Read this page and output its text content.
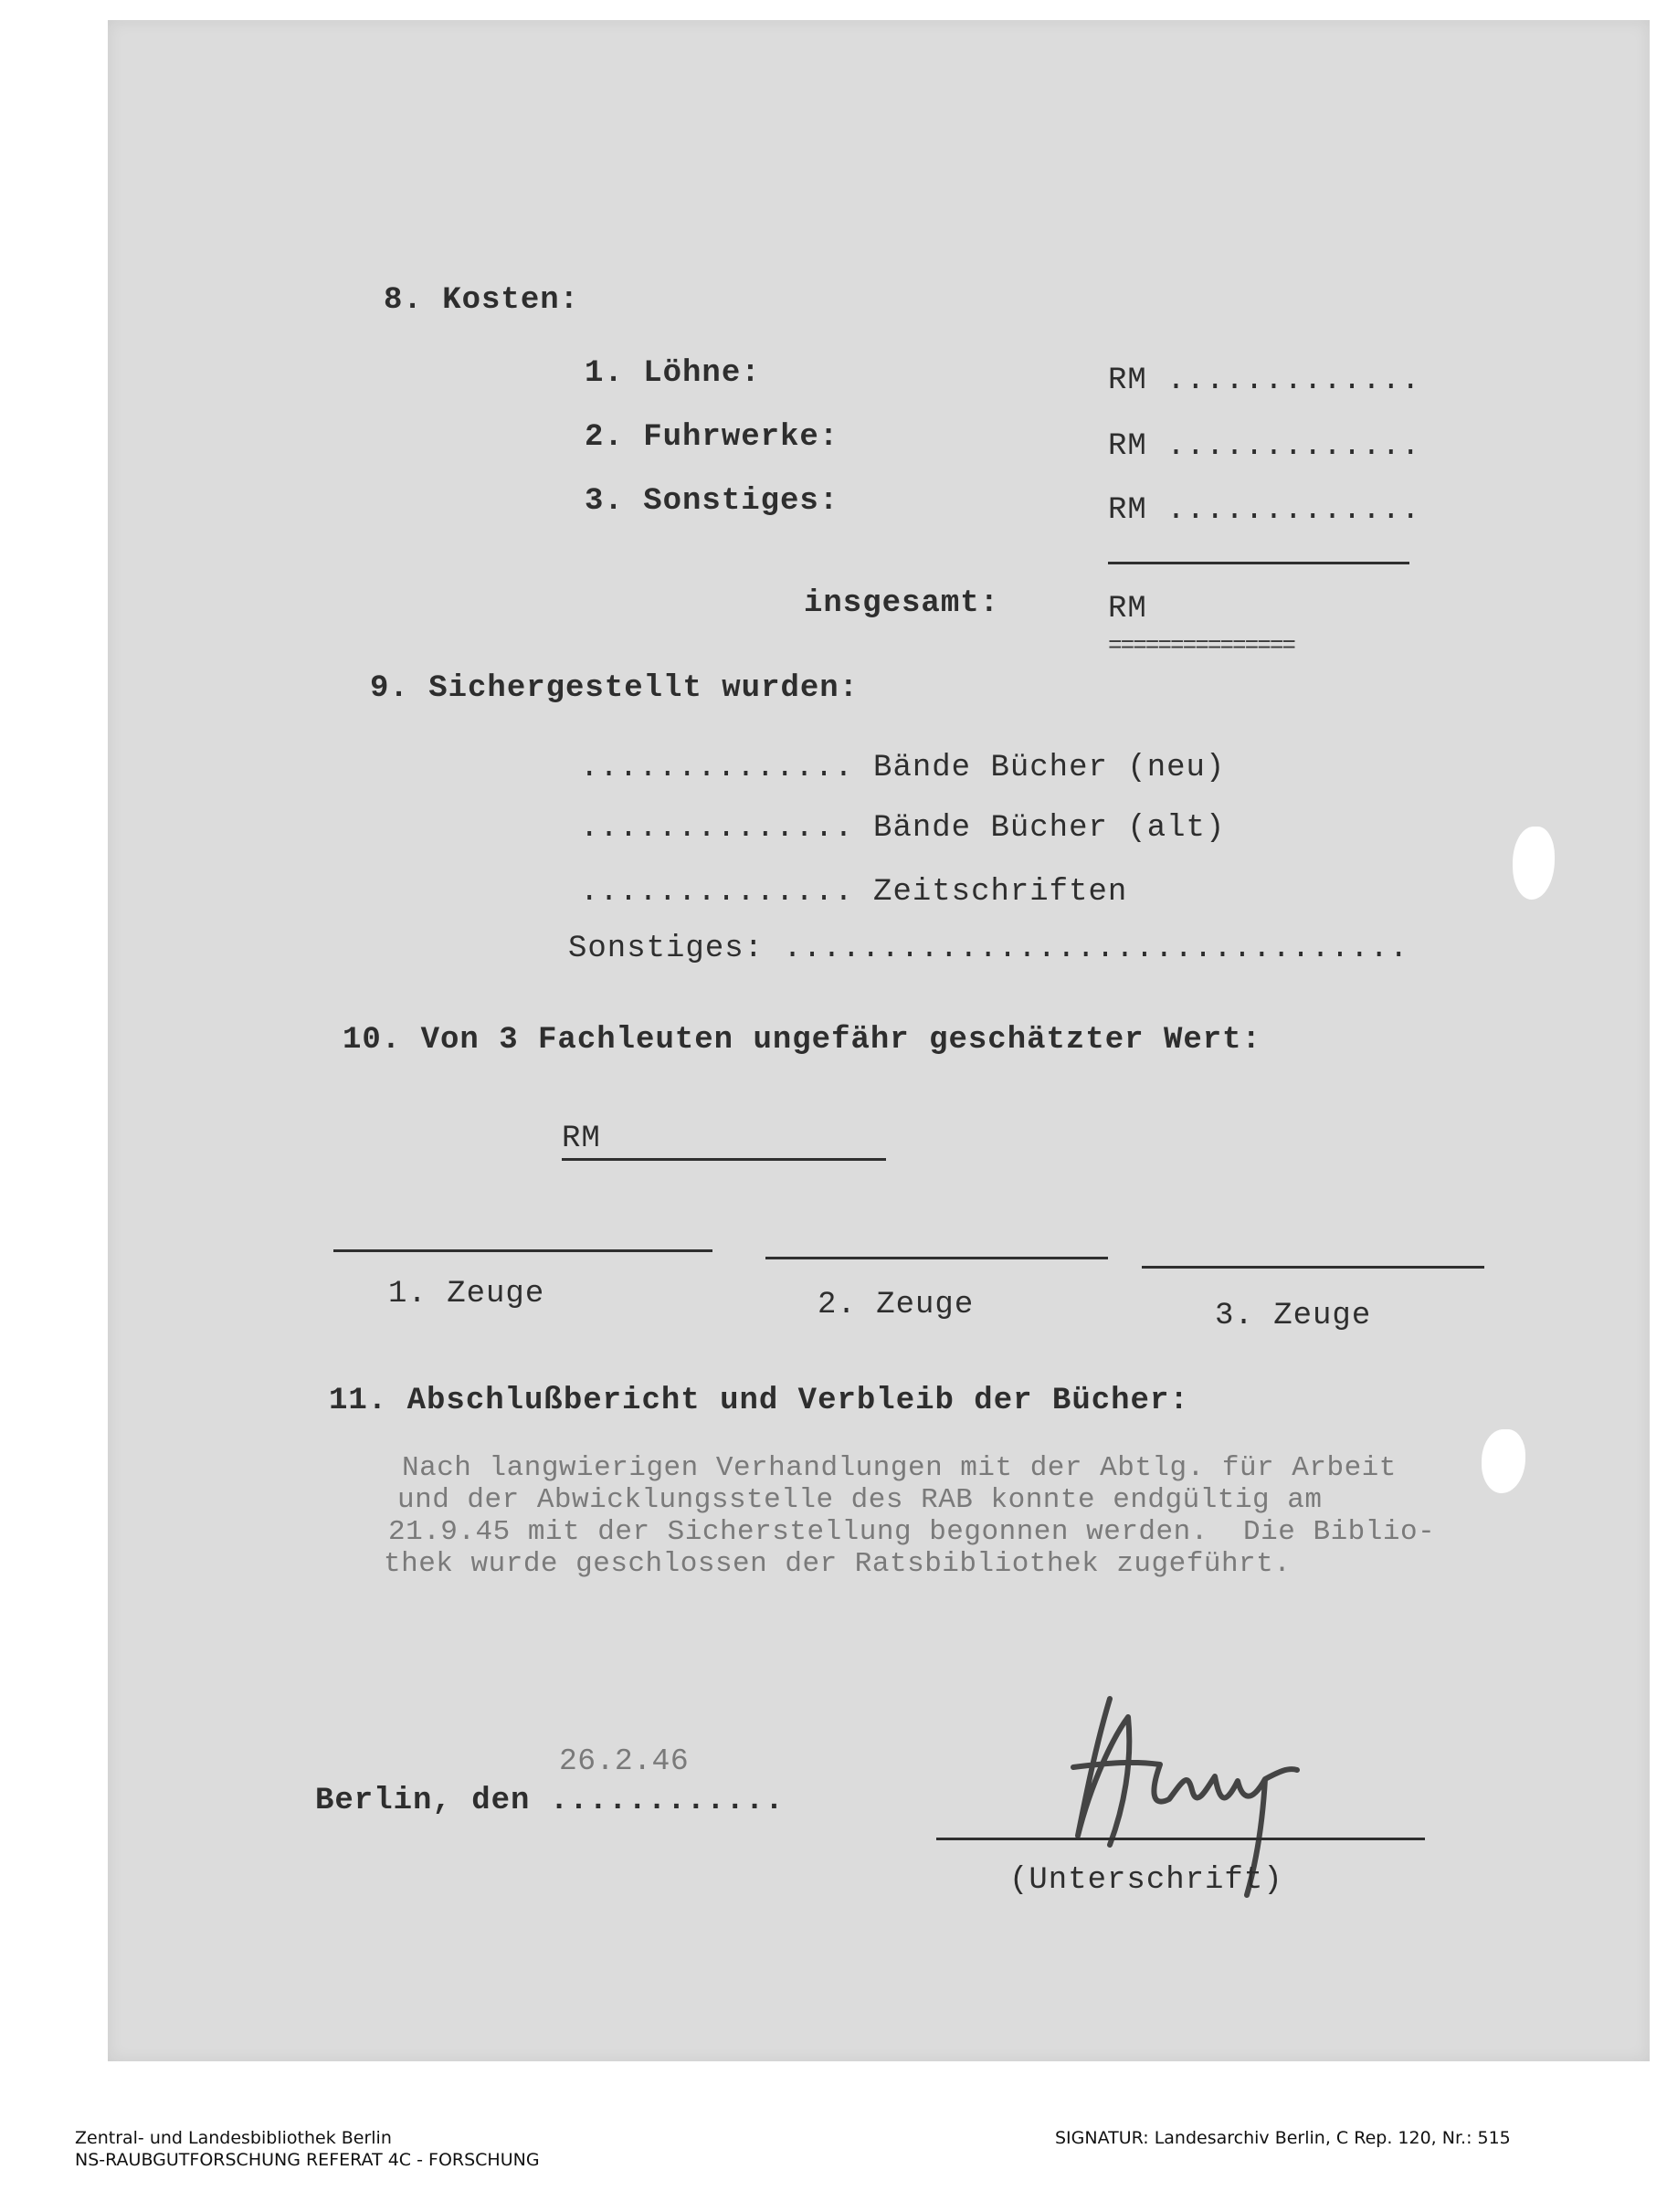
8. Kosten:
1. Löhne:	RM .............
2. Fuhrwerke:	RM .............
3. Sonstiges:	RM .............
insgesamt:	RM
===============
9. Sichergestellt wurden:
.............. Bände Bücher (neu)
.............. Bände Bücher (alt)
.............. Zeitschriften
Sonstiges: ................................
10. Von 3 Fachleuten ungefähr geschätzter Wert:
RM
1. Zeuge	2. Zeuge	3. Zeuge
11. Abschlußbericht und Verbleib der Bücher:
Nach langwierigen Verhandlungen mit der Abtlg. für Arbeit
und der Abwicklungsstelle des RAB konnte endgültig am
21.9.45 mit der Sicherstellung begonnen werden.  Die Biblio-
thek wurde geschlossen der Ratsbibliothek zugeführt.
26.2.46
Berlin, den ............
(Unterschrift)
Zentral- und Landesbibliothek Berlin
NS-RAUBGUTFORSCHUNG REFERAT 4C - FORSCHUNG
SIGNATUR: Landesarchiv Berlin, C Rep. 120, Nr.: 515
